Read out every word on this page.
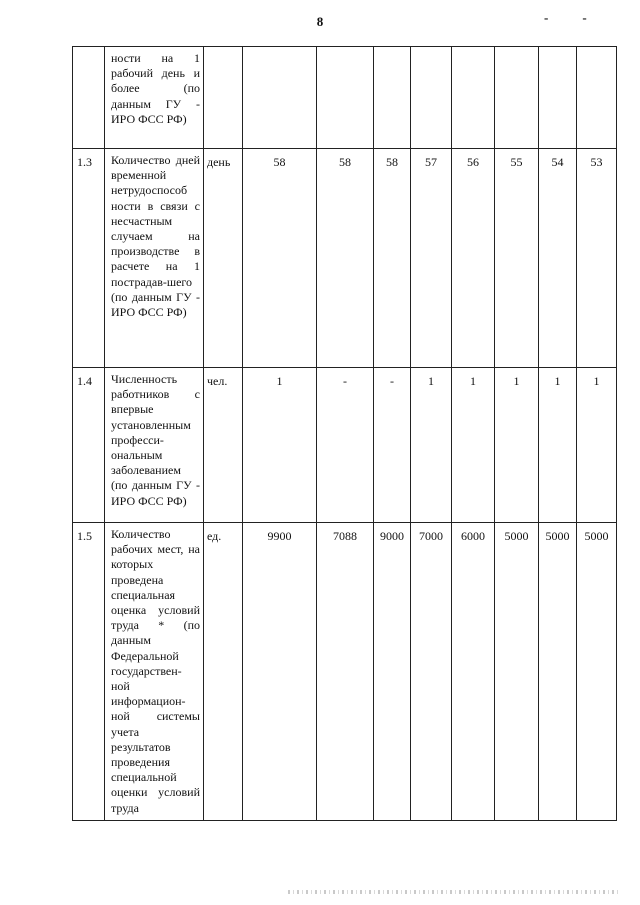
8	--

	ности на 1 рабочий день и более (по данным ГУ - ИРО ФСС РФ)									

1.3	Количество дней временной нетрудоспособ ности в связи с несчастным случаем на производстве в расчете на 1 пострадав-шего (по данным ГУ - ИРО ФСС РФ)	день	58	58	58	57	56	55	54	53

1.4	Численность работников с впервые установленным професси-ональным заболеванием (по данным ГУ - ИРО ФСС РФ)	чел.	1	-	-	1	1	1	1	1

1.5	Количество рабочих мест, на которых проведена специальная оценка условий труда * (по данным Федеральной государствен-ной информацион-ной системы учета результатов проведения специальной оценки условий труда	ед.	9900	7088	9000	7000	6000	5000	5000	5000
